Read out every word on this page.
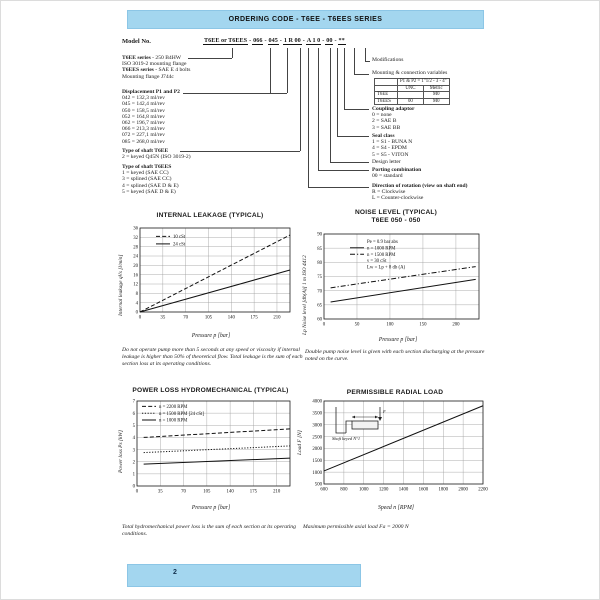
ORDERING CODE - T6EE - T6EES SERIES
Model No.	T6EE or T6EES - 066 - 045 - 1 R 00 - A 1 0 - 00 - **
T6EE series - 250 B4HW
ISO 3019-2 mounting flange
T6EES series - SAE E 4 bolts
Mounting flange J744c
Displacement P1 and P2
042 = 132,3 ml/rev
045 = 142,4 ml/rev
050 = 158,5 ml/rev
052 = 164,8 ml/rev
062 = 196,7 ml/rev
066 = 213,3 ml/rev
072 = 227,1 ml/rev
085 = 268,0 ml/rev
Type of shaft T6EE
2 = keyed Q45N (ISO 3019-2)
Type of shaft T6EES
1 = keyed (SAE CC)
3 = splined (SAE CC)
4 = splined (SAE D & E)
5 = keyed (SAE D & E)
Modifications
Mounting & connection variables
	P1 & P2 = 1"1/2 - 3 - 4"	
	UNC	Metric
T6EE		M0
T6EES	00	M0
Coupling adaptor
0 = none
2 = SAE B
3 = SAE BB
Seal class
1 = S1 - BUNA N
4 = S4 - EPDM
5 = S5 - VITON
Design letter
Porting combination
00 = standard
Direction of rotation (view on shaft end)
R = Clockwise
L = Counter-clockwise
INTERNAL LEAKAGE (TYPICAL)
0	35	70	105	140	175	210
0
4
8
12
16
20
24
28
32
36
10 cSt
24 cSt
Internal leakage qVs [l/min]
Pressure p [bar]
Do not operate pump more than 5 seconds at any speed or viscosity if internal leakage is higher than 50% of theoretical flow. Total leakage is the sum of each section loss at its operating conditions.
NOISE LEVEL (TYPICAL)
T6EE 050 - 050
0	50	100	150	200
60
65
70
75
80
85
90
Pe = 0.9 bar abs
n = 1000 RPM
n = 1500 RPM
ν = 30 cSt
Lw = Lp + 8 db (A)
Lp Noise level [db(A)] 1 m ISO 4412
Pressure p [bar]
Double pump noise level is given with each section discharging at the pressure noted on the curve.
POWER LOSS HYDROMECHANICAL (TYPICAL)
0	35	70	105	140	175	210
0
1
2
3
4
5
6
7
n = 2200 RPM
n = 1500 RPM [24 cSt]
n = 1000 RPM
Power loss Ps [kW]
Pressure p [bar]
Total hydromechanical power loss is the sum of each section at its operating conditions.
PERMISSIBLE RADIAL LOAD
600	800 1000 1200 1400 1600 1800 2000 2200
500
1000
1500
2000
2500
3000
3500
4000
F
Shaft keyed N°1
Load F [N]
Speed n [RPM]
Maximum permissible axial load Fa = 2000 N
2
